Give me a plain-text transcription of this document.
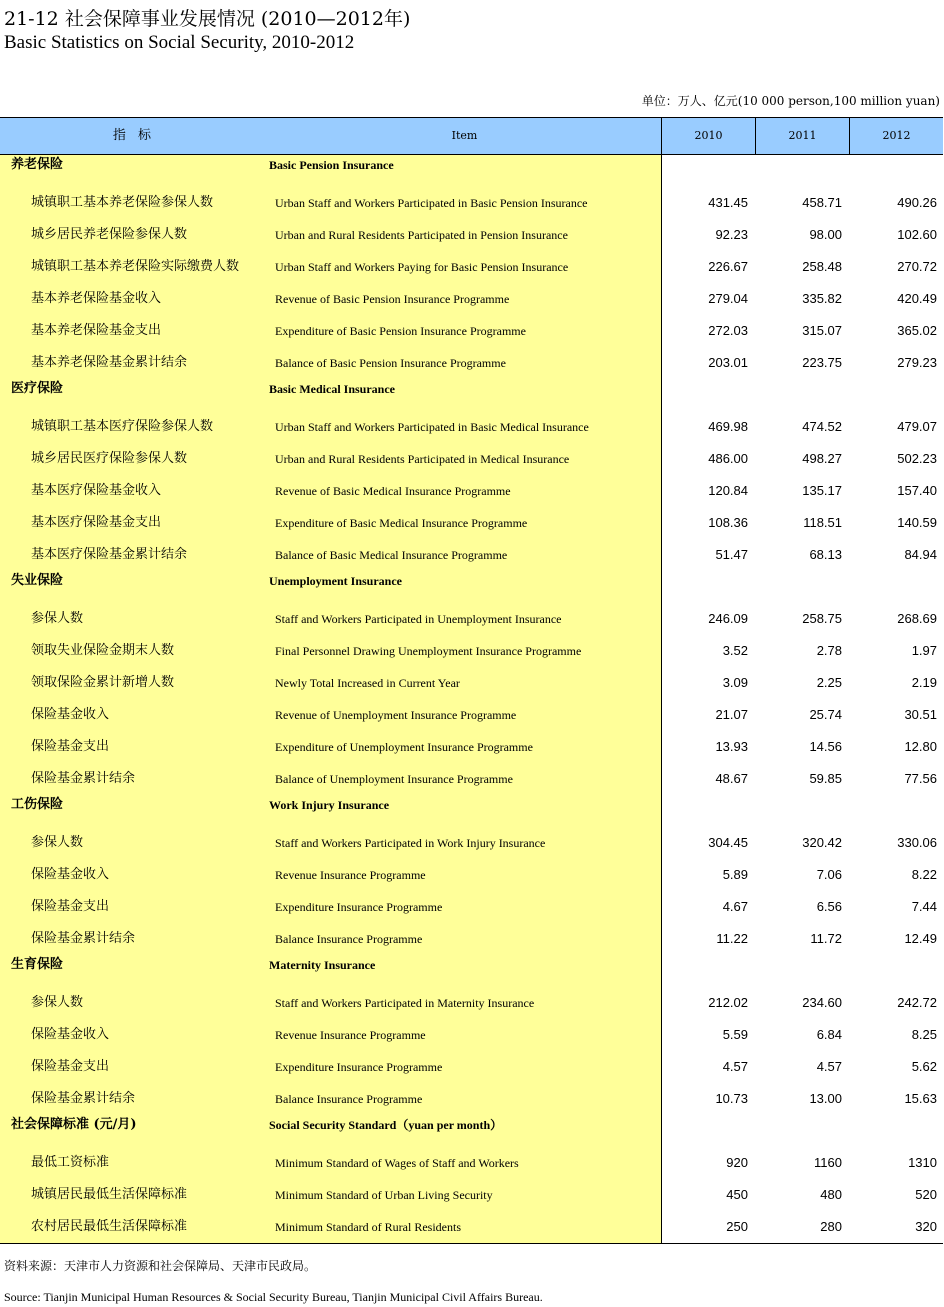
21-12 社会保障事业发展情况 (2010—2012年)
Basic Statistics on Social Security, 2010-2012
单位：万人、亿元(10 000 person,100 million yuan)
指 标	Item	2010	2011	2012
养老保险	Basic Pension Insurance
城镇职工基本养老保险参保人数	Urban Staff and Workers Participated in Basic Pension Insurance	431.45	458.71	490.26
城乡居民养老保险参保人数	Urban and Rural Residents Participated in Pension Insurance	92.23	98.00	102.60
城镇职工基本养老保险实际缴费人数	Urban Staff and Workers Paying for Basic Pension Insurance	226.67	258.48	270.72
基本养老保险基金收入	Revenue of Basic Pension Insurance Programme	279.04	335.82	420.49
基本养老保险基金支出	Expenditure of Basic Pension Insurance Programme	272.03	315.07	365.02
基本养老保险基金累计结余	Balance of Basic Pension Insurance Programme	203.01	223.75	279.23
医疗保险	Basic Medical Insurance
城镇职工基本医疗保险参保人数	Urban Staff and Workers Participated in Basic Medical Insurance	469.98	474.52	479.07
城乡居民医疗保险参保人数	Urban and Rural Residents Participated in Medical Insurance	486.00	498.27	502.23
基本医疗保险基金收入	Revenue of Basic Medical Insurance Programme	120.84	135.17	157.40
基本医疗保险基金支出	Expenditure of Basic Medical Insurance Programme	108.36	118.51	140.59
基本医疗保险基金累计结余	Balance of Basic Medical Insurance Programme	51.47	68.13	84.94
失业保险	Unemployment Insurance
参保人数	Staff and Workers Participated in Unemployment Insurance	246.09	258.75	268.69
领取失业保险金期末人数	Final Personnel Drawing Unemployment Insurance Programme	3.52	2.78	1.97
领取保险金累计新增人数	Newly Total Increased in Current Year	3.09	2.25	2.19
保险基金收入	Revenue of Unemployment Insurance Programme	21.07	25.74	30.51
保险基金支出	Expenditure of Unemployment Insurance Programme	13.93	14.56	12.80
保险基金累计结余	Balance of Unemployment Insurance Programme	48.67	59.85	77.56
工伤保险	Work Injury Insurance
参保人数	Staff and Workers Participated in Work Injury Insurance	304.45	320.42	330.06
保险基金收入	Revenue Insurance Programme	5.89	7.06	8.22
保险基金支出	Expenditure Insurance Programme	4.67	6.56	7.44
保险基金累计结余	Balance Insurance Programme	11.22	11.72	12.49
生育保险	Maternity Insurance
参保人数	Staff and Workers Participated in Maternity Insurance	212.02	234.60	242.72
保险基金收入	Revenue Insurance Programme	5.59	6.84	8.25
保险基金支出	Expenditure Insurance Programme	4.57	4.57	5.62
保险基金累计结余	Balance Insurance Programme	10.73	13.00	15.63
社会保障标准 (元/月)	Social Security Standard（yuan per month）
最低工资标准	Minimum Standard of Wages of Staff and Workers	920	1160	1310
城镇居民最低生活保障标准	Minimum Standard of Urban Living Security	450	480	520
农村居民最低生活保障标准	Minimum Standard of Rural Residents	250	280	320
资料来源：天津市人力资源和社会保障局、天津市民政局。
Source: Tianjin Municipal Human Resources & Social Security Bureau, Tianjin Municipal Civil Affairs Bureau.
